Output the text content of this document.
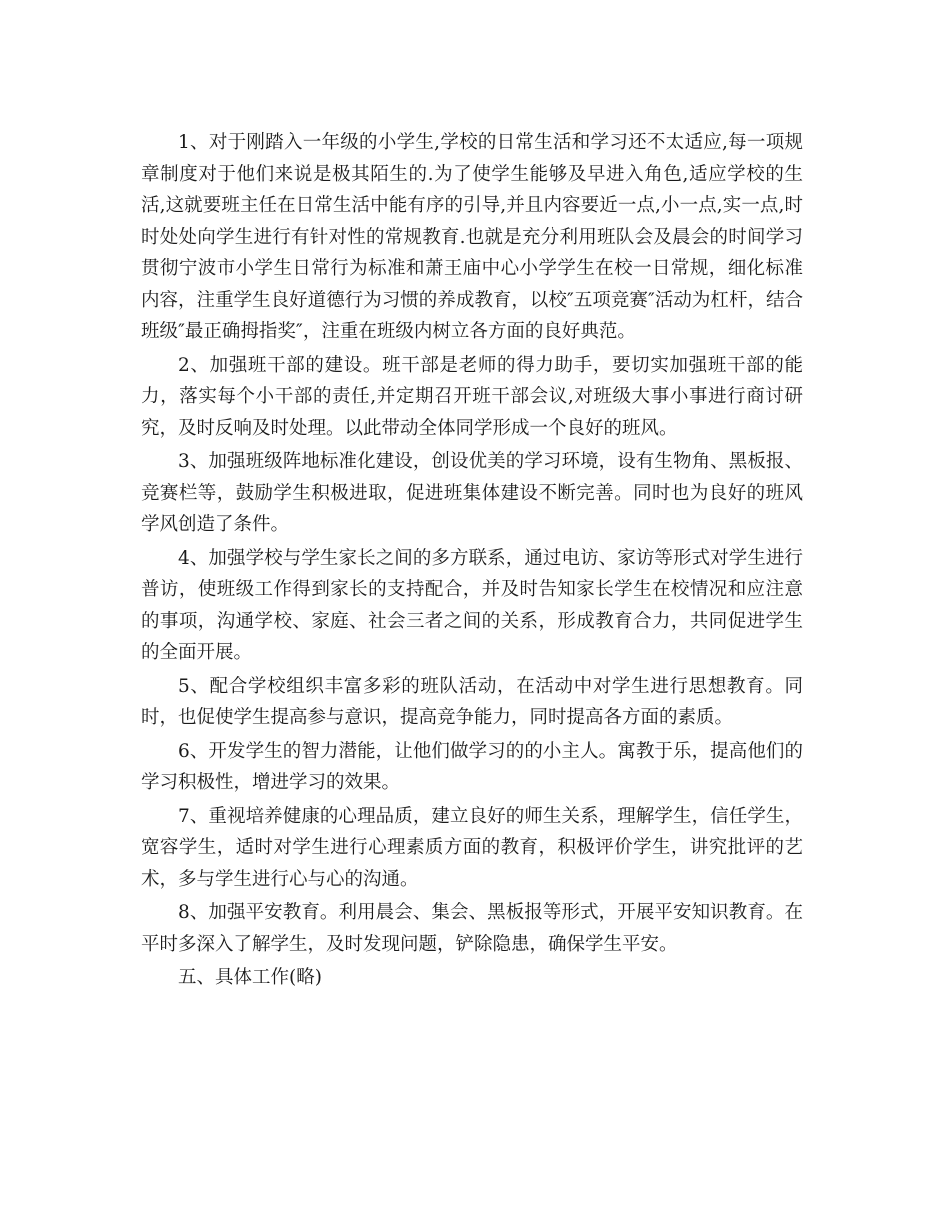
1、对于刚踏入一年级的小学生,学校的日常生活和学习还不太适应,每一项规章制度对于他们来说是极其陌生的.为了使学生能够及早进入角色,适应学校的生活,这就要班主任在日常生活中能有序的引导,并且内容要近一点,小一点,实一点,时时处处向学生进行有针对性的常规教育.也就是充分利用班队会及晨会的时间学习贯彻宁波市小学生日常行为标准和萧王庙中心小学学生在校一日常规，细化标准内容，注重学生良好道德行为习惯的养成教育，以校″五项竞赛″活动为杠杆，结合班级″最正确拇指奖″，注重在班级内树立各方面的良好典范。

2、加强班干部的建设。班干部是老师的得力助手，要切实加强班干部的能力，落实每个小干部的责任,并定期召开班干部会议,对班级大事小事进行商讨研究，及时反响及时处理。以此带动全体同学形成一个良好的班风。

3、加强班级阵地标准化建设，创设优美的学习环境，设有生物角、黑板报、竞赛栏等，鼓励学生积极进取，促进班集体建设不断完善。同时也为良好的班风学风创造了条件。

4、加强学校与学生家长之间的多方联系，通过电访、家访等形式对学生进行普访，使班级工作得到家长的支持配合，并及时告知家长学生在校情况和应注意的事项，沟通学校、家庭、社会三者之间的关系，形成教育合力，共同促进学生的全面开展。

5、配合学校组织丰富多彩的班队活动，在活动中对学生进行思想教育。同时，也促使学生提高参与意识，提高竞争能力，同时提高各方面的素质。

6、开发学生的智力潜能，让他们做学习的的小主人。寓教于乐，提高他们的学习积极性，增进学习的效果。

7、重视培养健康的心理品质，建立良好的师生关系，理解学生，信任学生，宽容学生，适时对学生进行心理素质方面的教育，积极评价学生，讲究批评的艺术，多与学生进行心与心的沟通。

8、加强平安教育。利用晨会、集会、黑板报等形式，开展平安知识教育。在平时多深入了解学生，及时发现问题，铲除隐患，确保学生平安。

五、具体工作(略)
